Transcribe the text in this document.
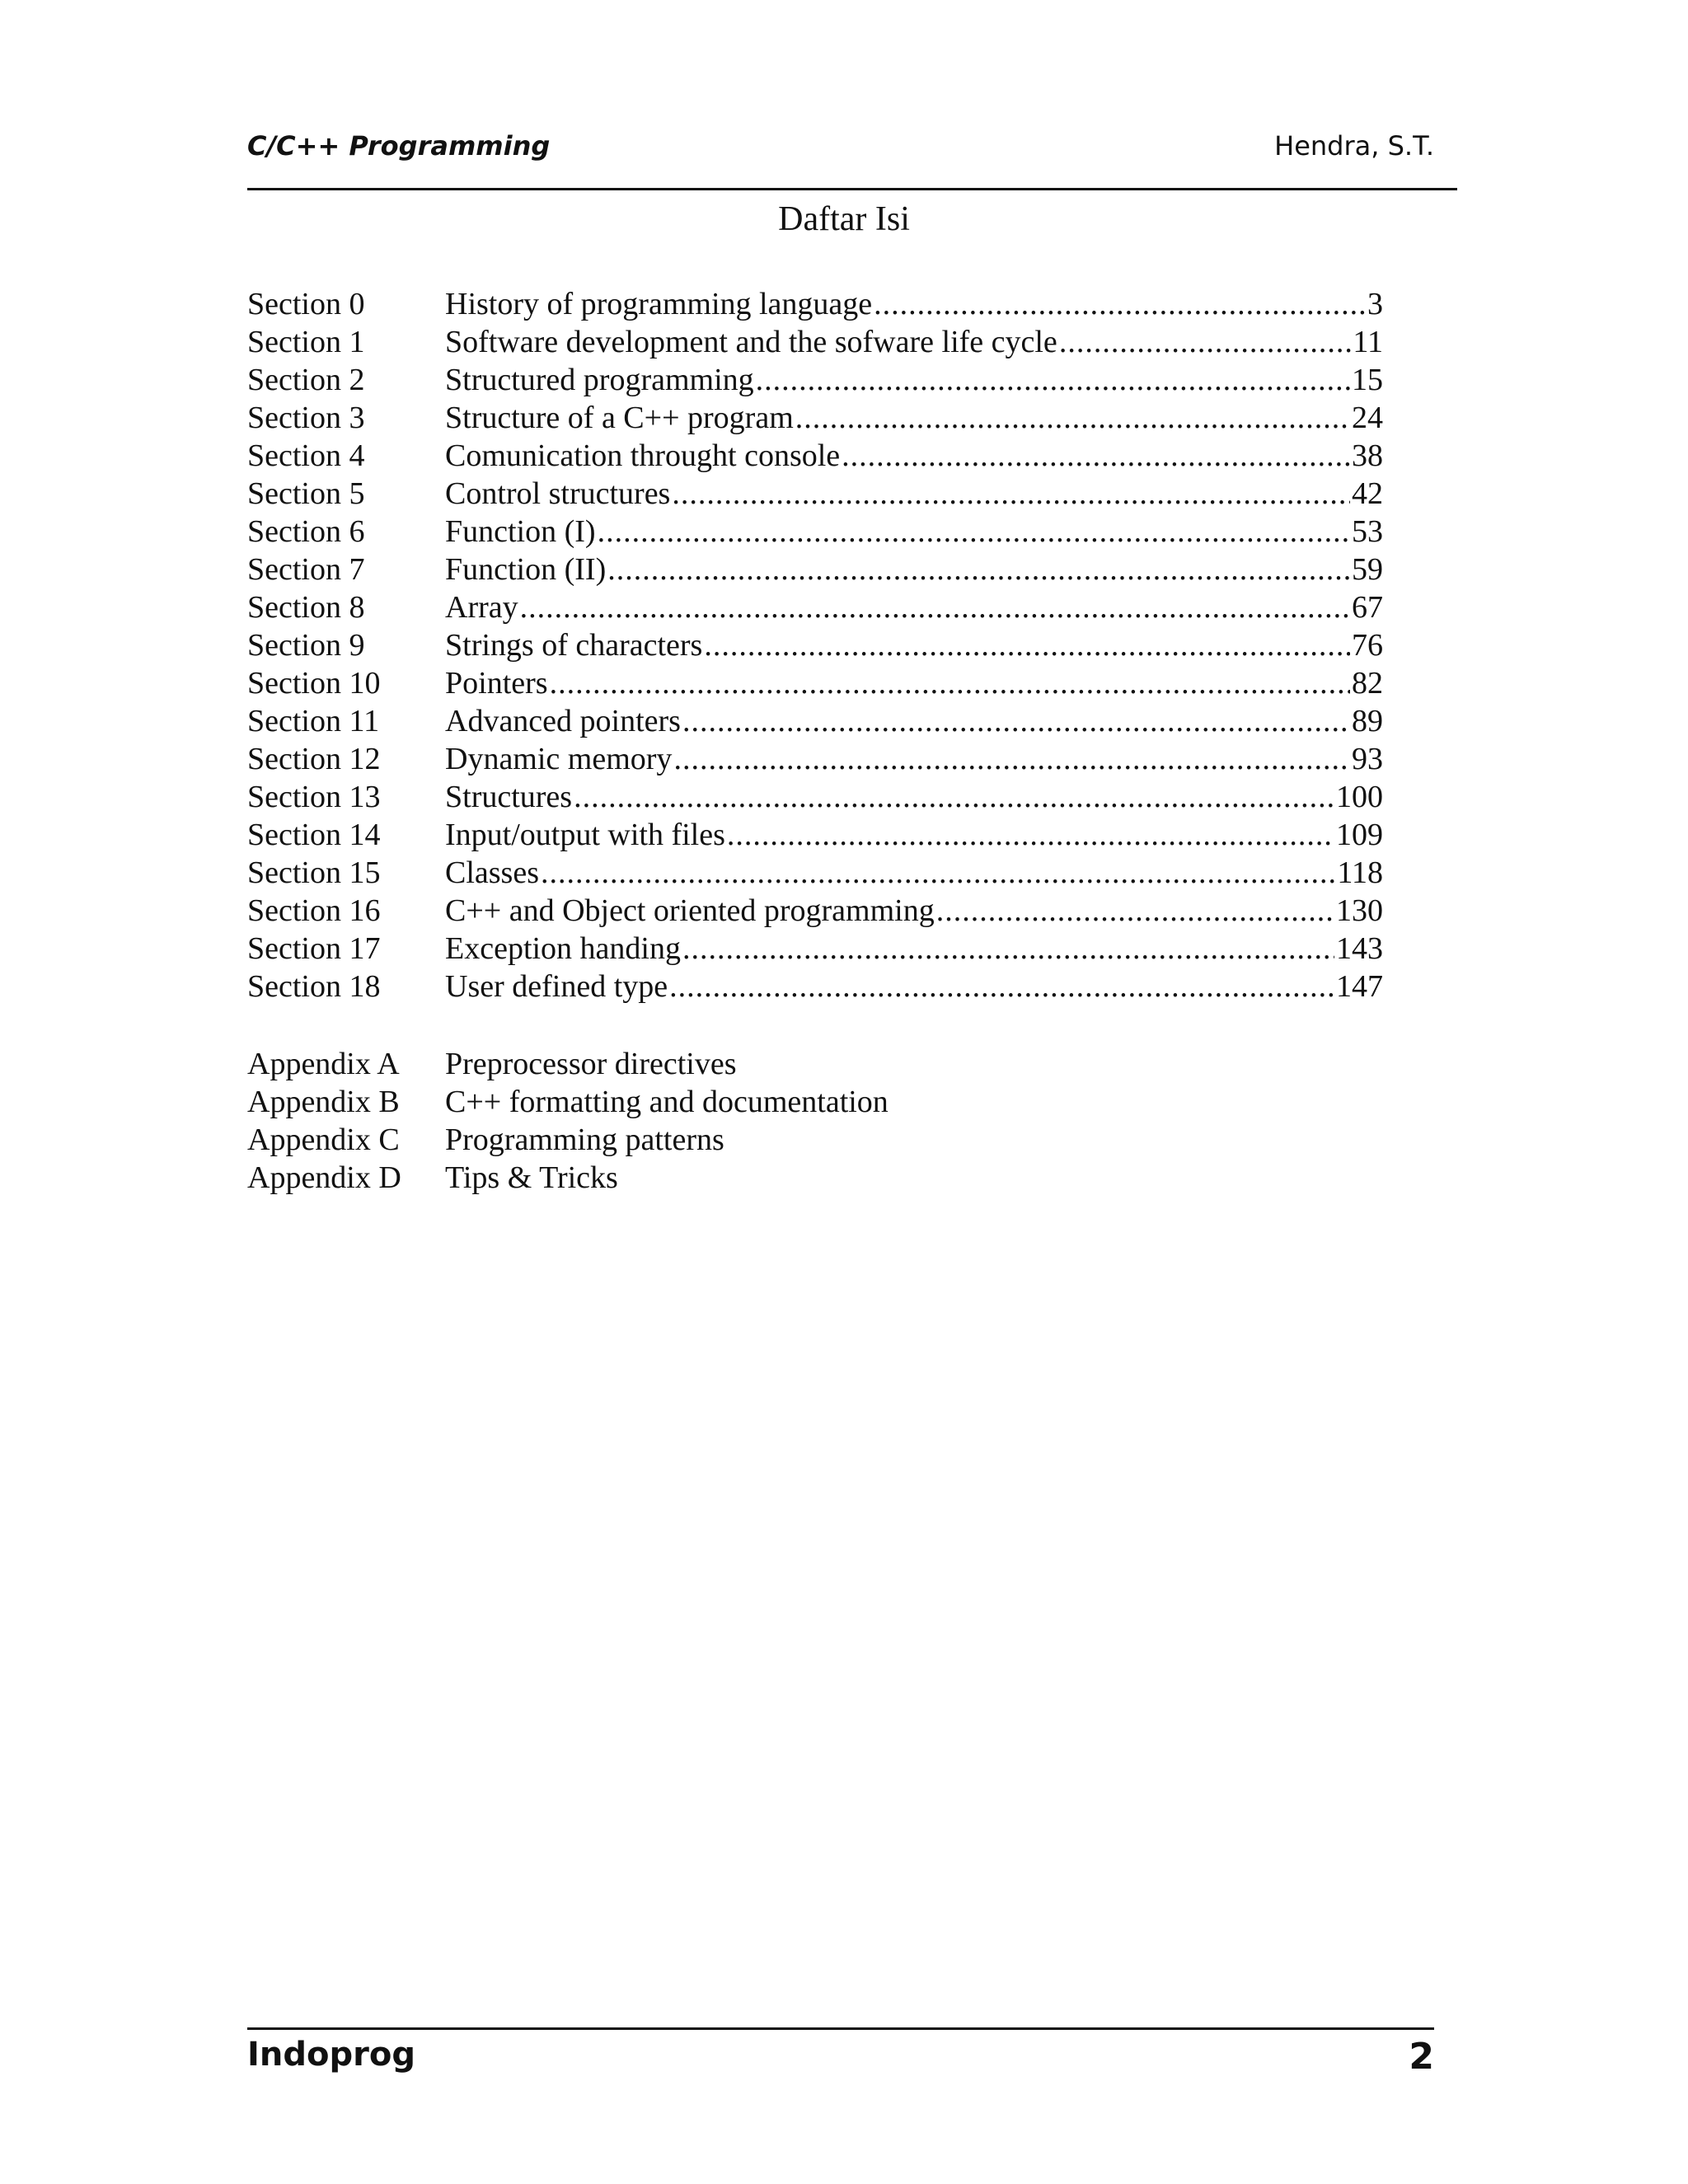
C/C++ Programming	Hendra, S.T.
Daftar Isi
Section 0	History of programming language .....	3
Section 1	Software development and the sofware life cycle .....	11
Section 2	Structured programming .....	15
Section 3	Structure of a C++ program .....	24
Section 4	Comunication throught console .....	38
Section 5	Control structures .....	42
Section 6	Function (I) .....	53
Section 7	Function (II) .....	59
Section 8	Array .....	67
Section 9	Strings of characters .....	76
Section 10	Pointers .....	82
Section 11	Advanced pointers .....	89
Section 12	Dynamic memory .....	93
Section 13	Structures .....	100
Section 14	Input/output with files .....	109
Section 15	Classes .....	118
Section 16	C++ and Object oriented programming .....	130
Section 17	Exception handing .....	143
Section 18	User defined type .....	147
Appendix A	Preprocessor directives
Appendix B	C++ formatting and documentation
Appendix C	Programming patterns
Appendix D	Tips & Tricks
Indoprog	2
